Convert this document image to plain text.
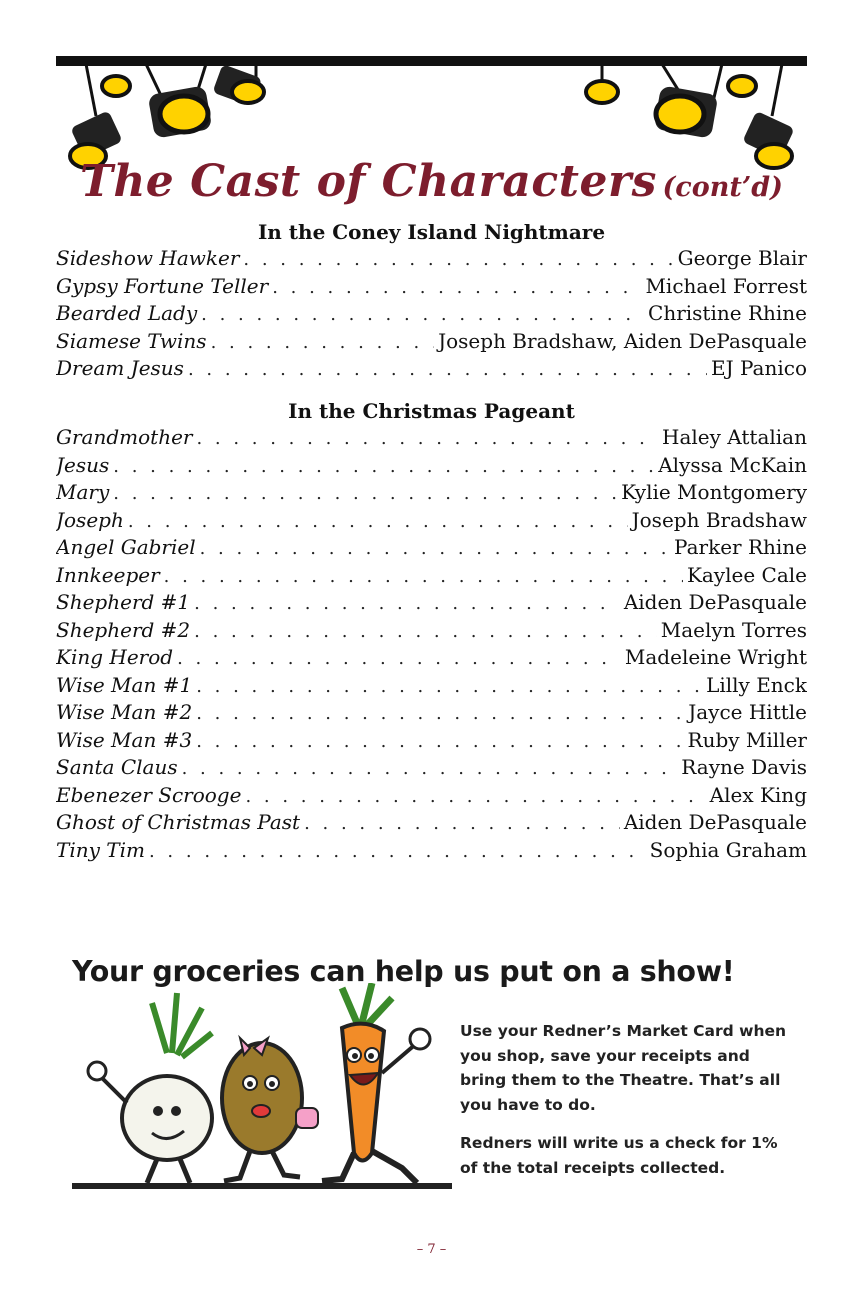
The Cast of Characters (cont’d)
In the Coney Island Nightmare
Sideshow Hawker . . .	George Blair
Gypsy Fortune Teller . . .	Michael Forrest
Bearded Lady . . .	Christine Rhine
Siamese Twins . . .	Joseph Bradshaw, Aiden DePasquale
Dream Jesus . . .	EJ Panico
In the Christmas Pageant
Grandmother . . .	Haley Attalian
Jesus . . .	Alyssa McKain
Mary . . .	Kylie Montgomery
Joseph . . .	Joseph Bradshaw
Angel Gabriel . . .	Parker Rhine
Innkeeper . . .	Kaylee Cale
Shepherd #1 . . .	Aiden DePasquale
Shepherd #2 . . .	Maelyn Torres
King Herod . . .	Madeleine Wright
Wise Man #1 . . .	Lilly Enck
Wise Man #2 . . .	Jayce Hittle
Wise Man #3 . . .	Ruby Miller
Santa Claus . . .	Rayne Davis
Ebenezer Scrooge . . .	Alex King
Ghost of Christmas Past . . .	Aiden DePasquale
Tiny Tim . . .	Sophia Graham
Your groceries can help us put on a show!

Use your Redner’s Market Card when you shop, save your receipts and bring them to the Theatre. That’s all you have to do.

Redners will write us a check for 1% of the total receipts collected.

– 7 –
